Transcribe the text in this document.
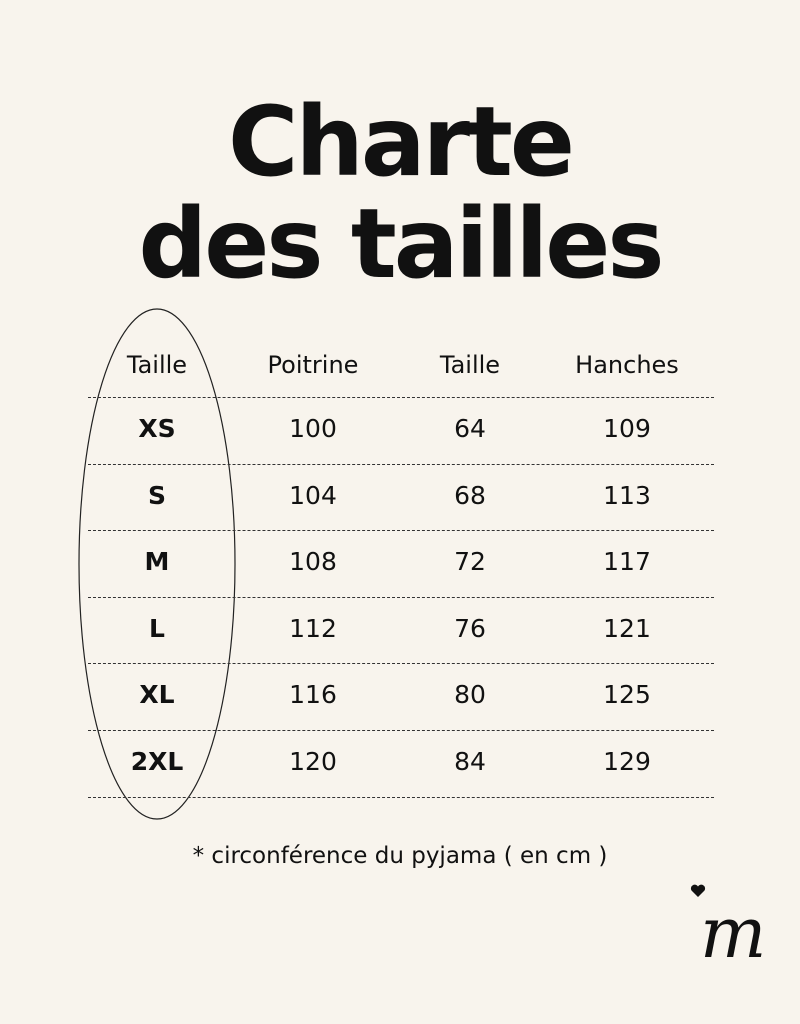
Charte
des tailles
Taille	Poitrine	Taille	Hanches
XS	100	64	109
S	104	68	113
M	108	72	117
L	112	76	121
XL	116	80	125
2XL	120	84	129
* circonférence du pyjama ( en cm )
m
